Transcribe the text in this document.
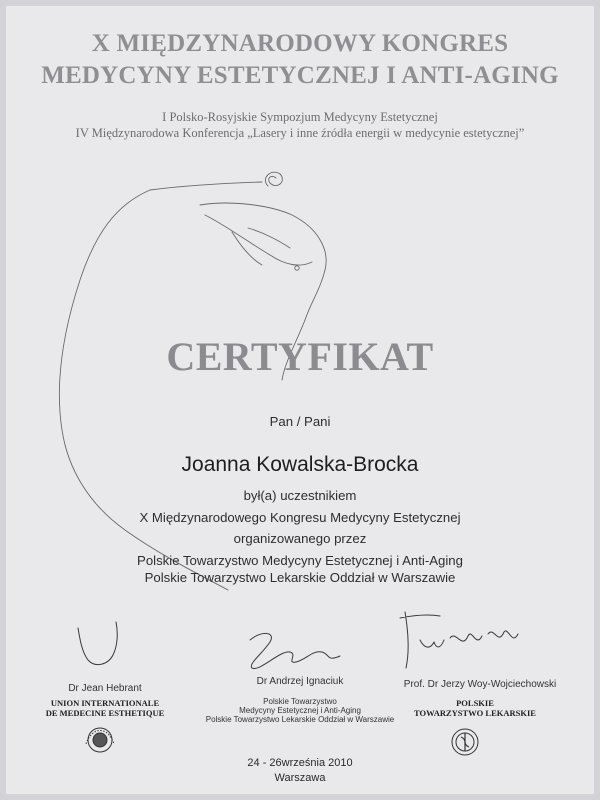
X MIĘDZYNARODOWY KONGRES
MEDYCYNY ESTETYCZNEJ I ANTI-AGING
I Polsko-Rosyjskie Sympozjum Medycyny Estetycznej
IV Międzynarodowa Konferencja „Lasery i inne źródła energii w medycynie estetycznej”
CERTYFIKAT
Pan / Pani
Joanna Kowalska-Brocka
był(a) uczestnikiem
X Międzynarodowego Kongresu Medycyny Estetycznej
organizowanego przez
Polskie Towarzystwo Medycyny Estetycznej i Anti-Aging
Polskie Towarzystwo Lekarskie Oddział w Warszawie
Dr Jean Hebrant
Dr Andrzej Ignaciuk	Prof. Dr Jerzy Woy-Wojciechowski
UNION INTERNATIONALE
DE MEDECINE ESTHETIQUE
Polskie Towarzystwo
Medycyny Estetycznej i Anti-Aging
Polskie Towarzystwo Lekarskie Oddział w Warszawie
POLSKIE
TOWARZYSTWO LEKARSKIE
24 - 26września 2010
Warszawa
